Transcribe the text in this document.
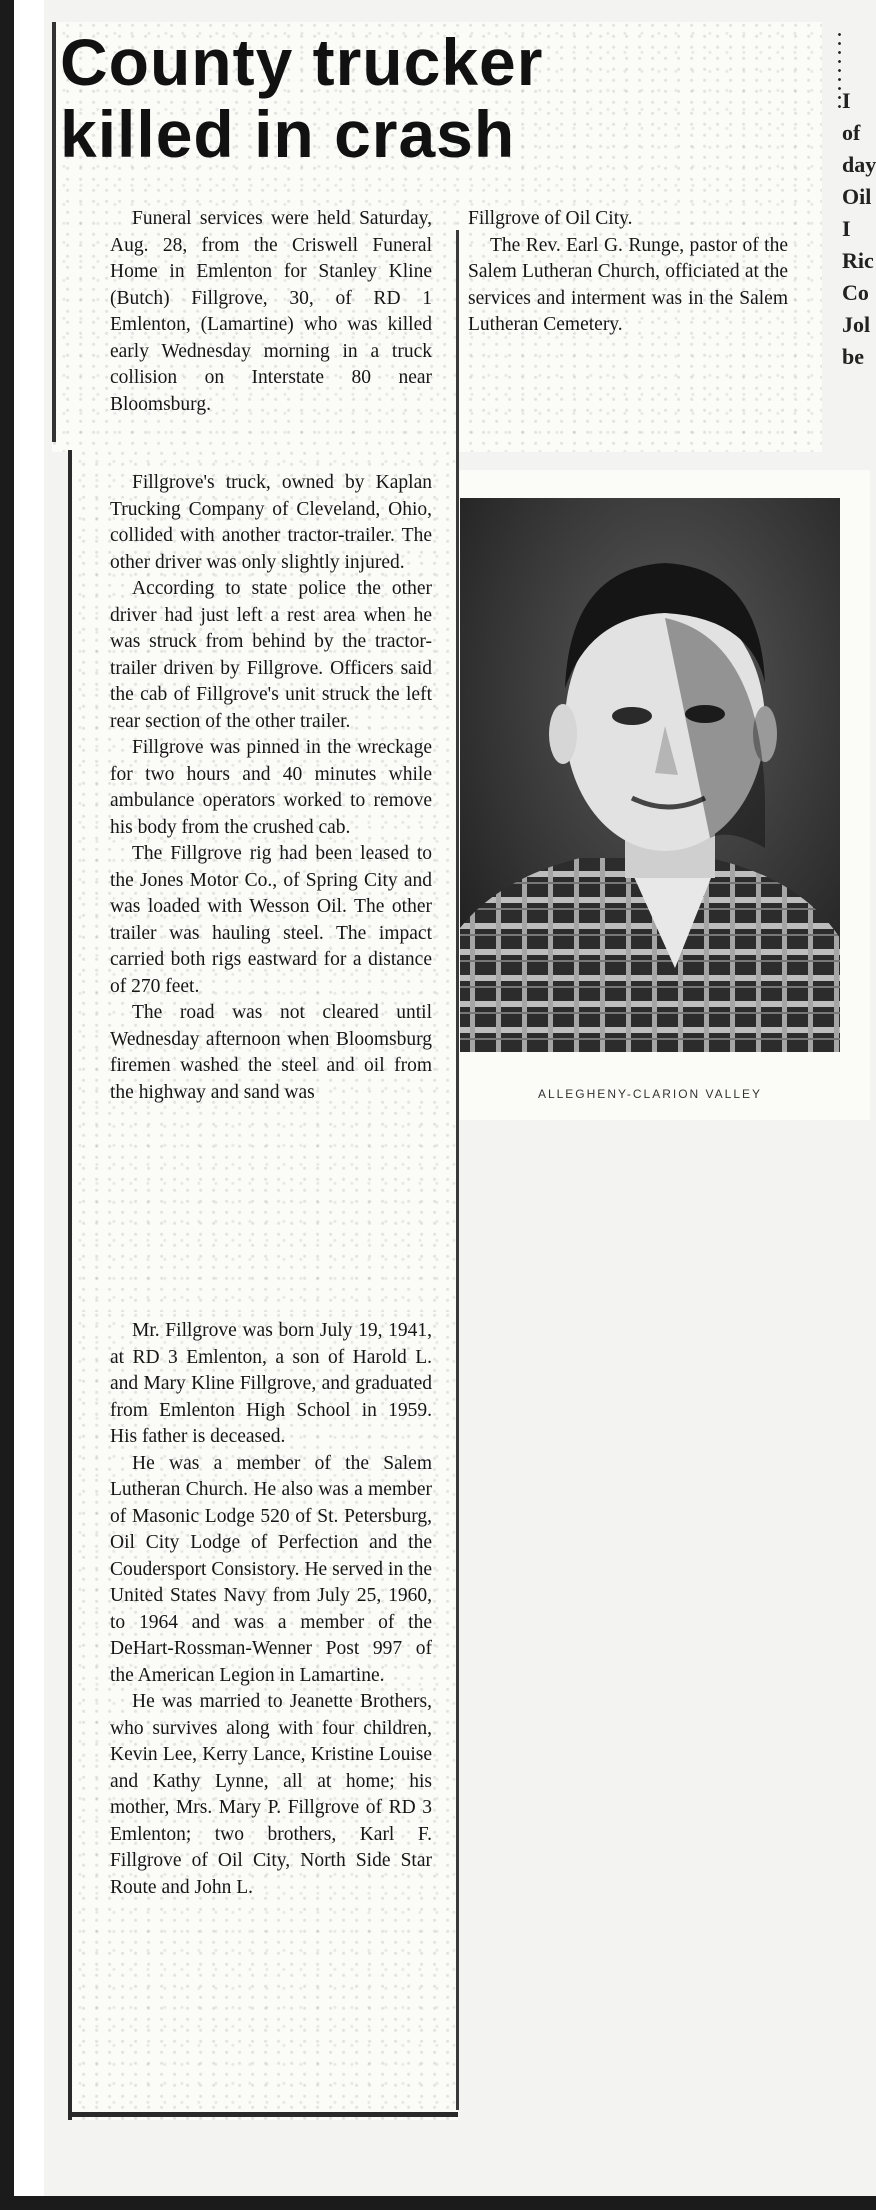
I
of
day
Oil
I
Ric
Co
Jol
be
County trucker
killed in crash

Funeral services were held Saturday, Aug. 28, from the Criswell Funeral Home in Emlenton for Stanley Kline (Butch) Fillgrove, 30, of RD 1 Emlenton, (Lamartine) who was killed early Wednesday morning in a truck collision on Interstate 80 near Bloomsburg.

Fillgrove of Oil City.

The Rev. Earl G. Runge, pastor of the Salem Lutheran Church, officiated at the services and interment was in the Salem Lutheran Cemetery.

Fillgrove's truck, owned by Kaplan Trucking Company of Cleveland, Ohio, collided with another tractor-trailer. The other driver was only slightly injured.

According to state police the other driver had just left a rest area when he was struck from behind by the tractor-trailer driven by Fillgrove. Officers said the cab of Fillgrove's unit struck the left rear section of the other trailer.

Fillgrove was pinned in the wreckage for two hours and 40 minutes while ambulance operators worked to remove his body from the crushed cab.

The Fillgrove rig had been leased to the Jones Motor Co., of Spring City and was loaded with Wesson Oil. The other trailer was hauling steel. The impact carried both rigs eastward for a distance of 270 feet.

The road was not cleared until Wednesday afternoon when Bloomsburg firemen washed the steel and oil from the highway and sand was	ALLEGHENY-CLARION VALLEY

Mr. Fillgrove was born July 19, 1941, at RD 3 Emlenton, a son of Harold L. and Mary Kline Fillgrove, and graduated from Emlenton High School in 1959. His father is deceased.

He was a member of the Salem Lutheran Church. He also was a member of Masonic Lodge 520 of St. Petersburg, Oil City Lodge of Perfection and the Coudersport Consistory. He served in the United States Navy from July 25, 1960, to 1964 and was a member of the DeHart-Rossman-Wenner Post 997 of the American Legion in Lamartine.

He was married to Jeanette Brothers, who survives along with four children, Kevin Lee, Kerry Lance, Kristine Louise and Kathy Lynne, all at home; his mother, Mrs. Mary P. Fillgrove of RD 3 Emlenton; two brothers, Karl F. Fillgrove of Oil City, North Side Star Route and John L.
